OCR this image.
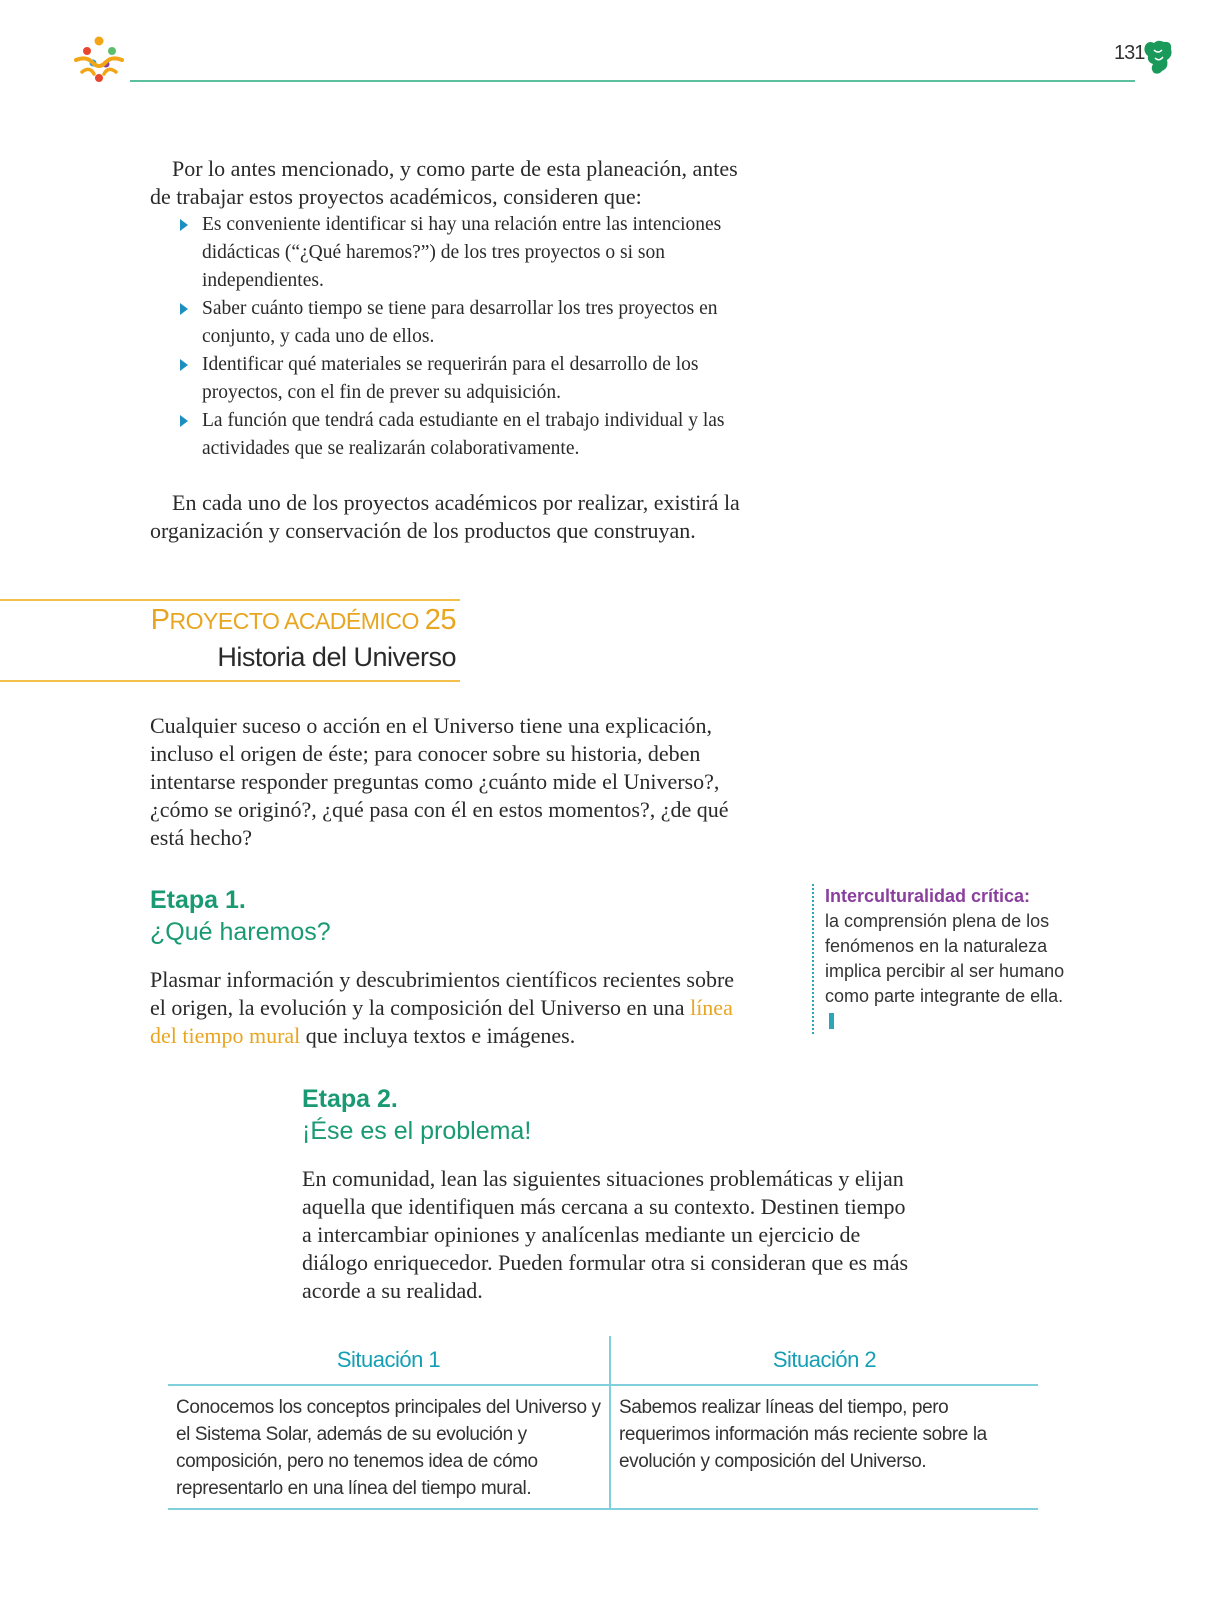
131

Por lo antes mencionado, y como parte de esta planeación, antes de trabajar estos proyectos académicos, consideren que:

Es conveniente identificar si hay una relación entre las intenciones didácticas (“¿Qué haremos?”) de los tres proyectos o si son independientes.
Saber cuánto tiempo se tiene para desarrollar los tres proyectos en conjunto, y cada uno de ellos.
Identificar qué materiales se requerirán para el desarrollo de los proyectos, con el fin de prever su adquisición.
La función que tendrá cada estudiante en el trabajo individual y las actividades que se realizarán colaborativamente.

En cada uno de los proyectos académicos por realizar, existirá la organización y conservación de los productos que construyan.

PROYECTO ACADÉMICO 25
Historia del Universo

Cualquier suceso o acción en el Universo tiene una explicación, incluso el origen de éste; para conocer sobre su historia, deben intentarse responder preguntas como ¿cuánto mide el Universo?, ¿cómo se originó?, ¿qué pasa con él en estos momentos?, ¿de qué está hecho?

Etapa 1.
¿Qué haremos?

Plasmar información y descubrimientos científicos recientes sobre el origen, la evolución y la composición del Universo en una línea del tiempo mural que incluya textos e imágenes.

Interculturalidad crítica:
la comprensión plena de los fenómenos en la naturaleza implica percibir al ser humano como parte integrante de ella.
Etapa 2.
¡Ése es el problema!

En comunidad, lean las siguientes situaciones problemáticas y elijan aquella que identifiquen más cercana a su contexto. Destinen tiempo a intercambiar opiniones y analícenlas mediante un ejercicio de diálogo enriquecedor. Pueden formular otra si consideran que es más acorde a su realidad.

Situación 1	Situación 2
Conocemos los conceptos principales del Universo y el Sistema Solar, además de su evolución y composición, pero no tenemos idea de cómo representarlo en una línea del tiempo mural.	Sabemos realizar líneas del tiempo, pero requerimos información más reciente sobre la evolución y composición del Universo.
